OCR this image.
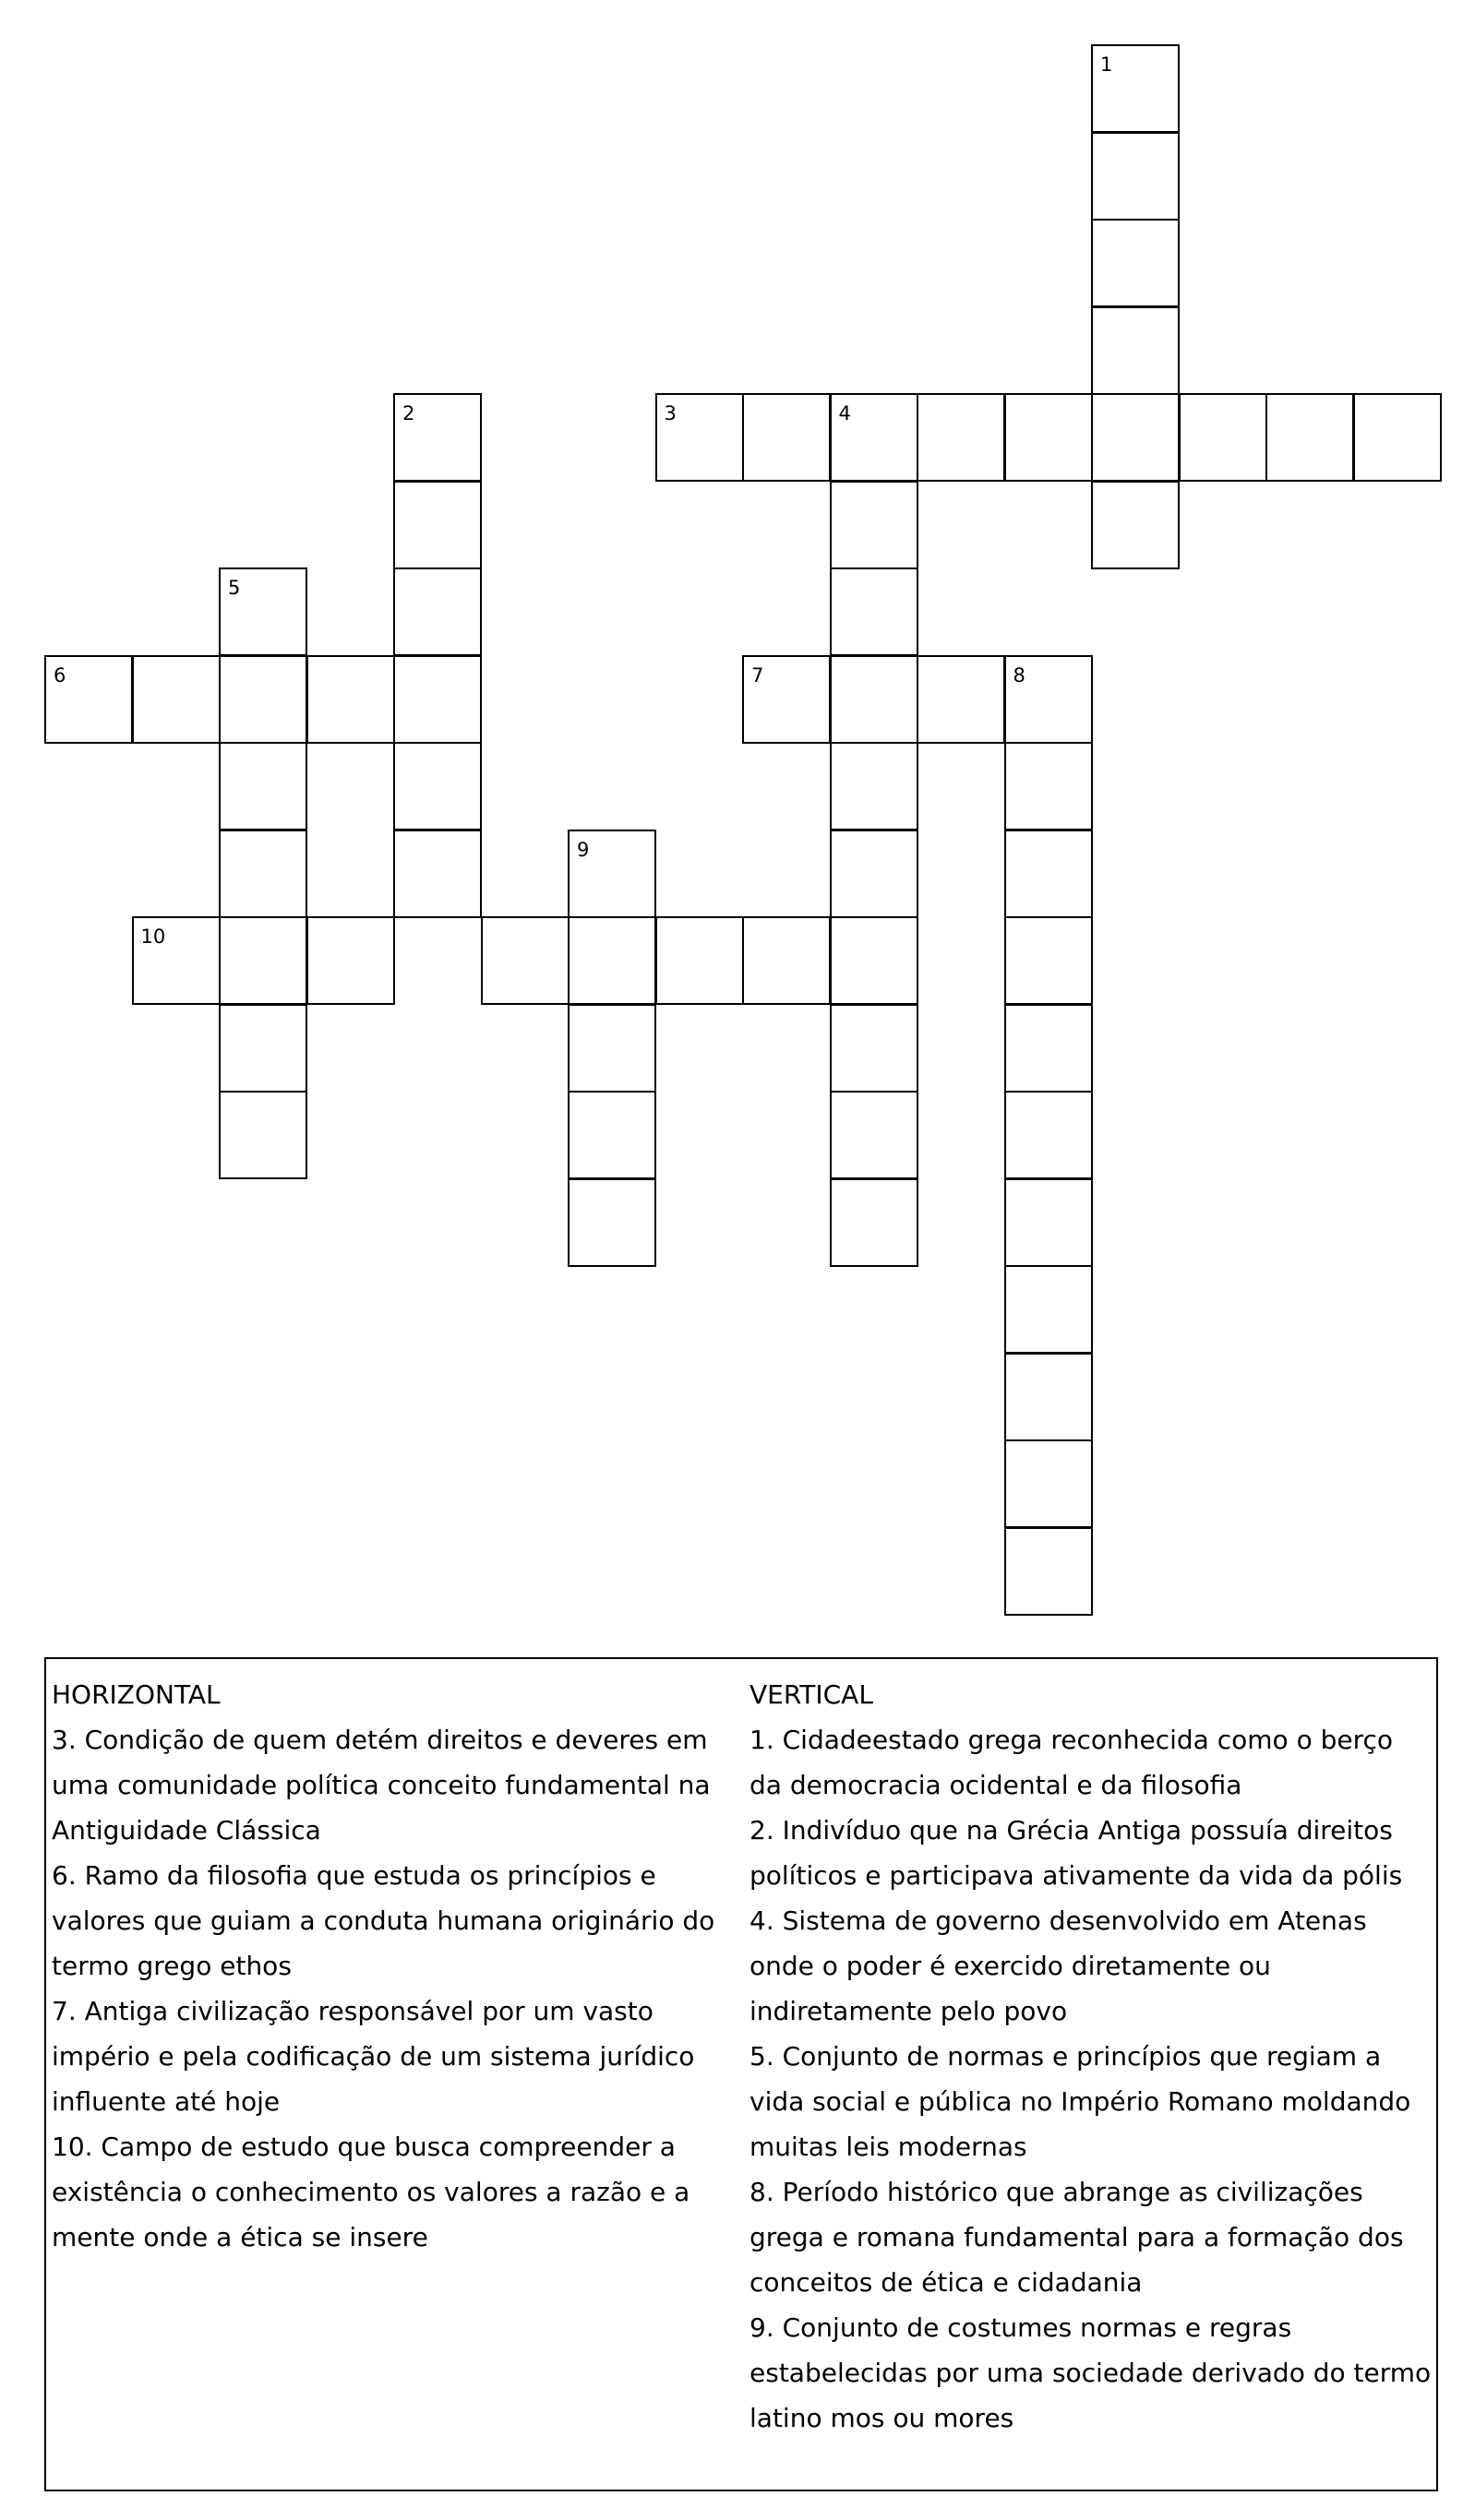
1
2	3	4
5
6	7	8
9
10

HORIZONTAL

3. Condição de quem detém direitos e deveres em uma comunidade política conceito fundamental na Antiguidade Clássica

6. Ramo da filosofia que estuda os princípios e valores que guiam a conduta humana originário do termo grego ethos

7. Antiga civilização responsável por um vasto império e pela codificação de um sistema jurídico influente até hoje

10. Campo de estudo que busca compreender a existência o conhecimento os valores a razão e a mente onde a ética se insere

VERTICAL

1. Cidadeestado grega reconhecida como o berço da democracia ocidental e da filosofia

2. Indivíduo que na Grécia Antiga possuía direitos políticos e participava ativamente da vida da pólis

4. Sistema de governo desenvolvido em Atenas onde o poder é exercido diretamente ou indiretamente pelo povo

5. Conjunto de normas e princípios que regiam a vida social e pública no Império Romano moldando muitas leis modernas

8. Período histórico que abrange as civilizações grega e romana fundamental para a formação dos conceitos de ética e cidadania

9. Conjunto de costumes normas e regras estabelecidas por uma sociedade derivado do termo latino mos ou mores
